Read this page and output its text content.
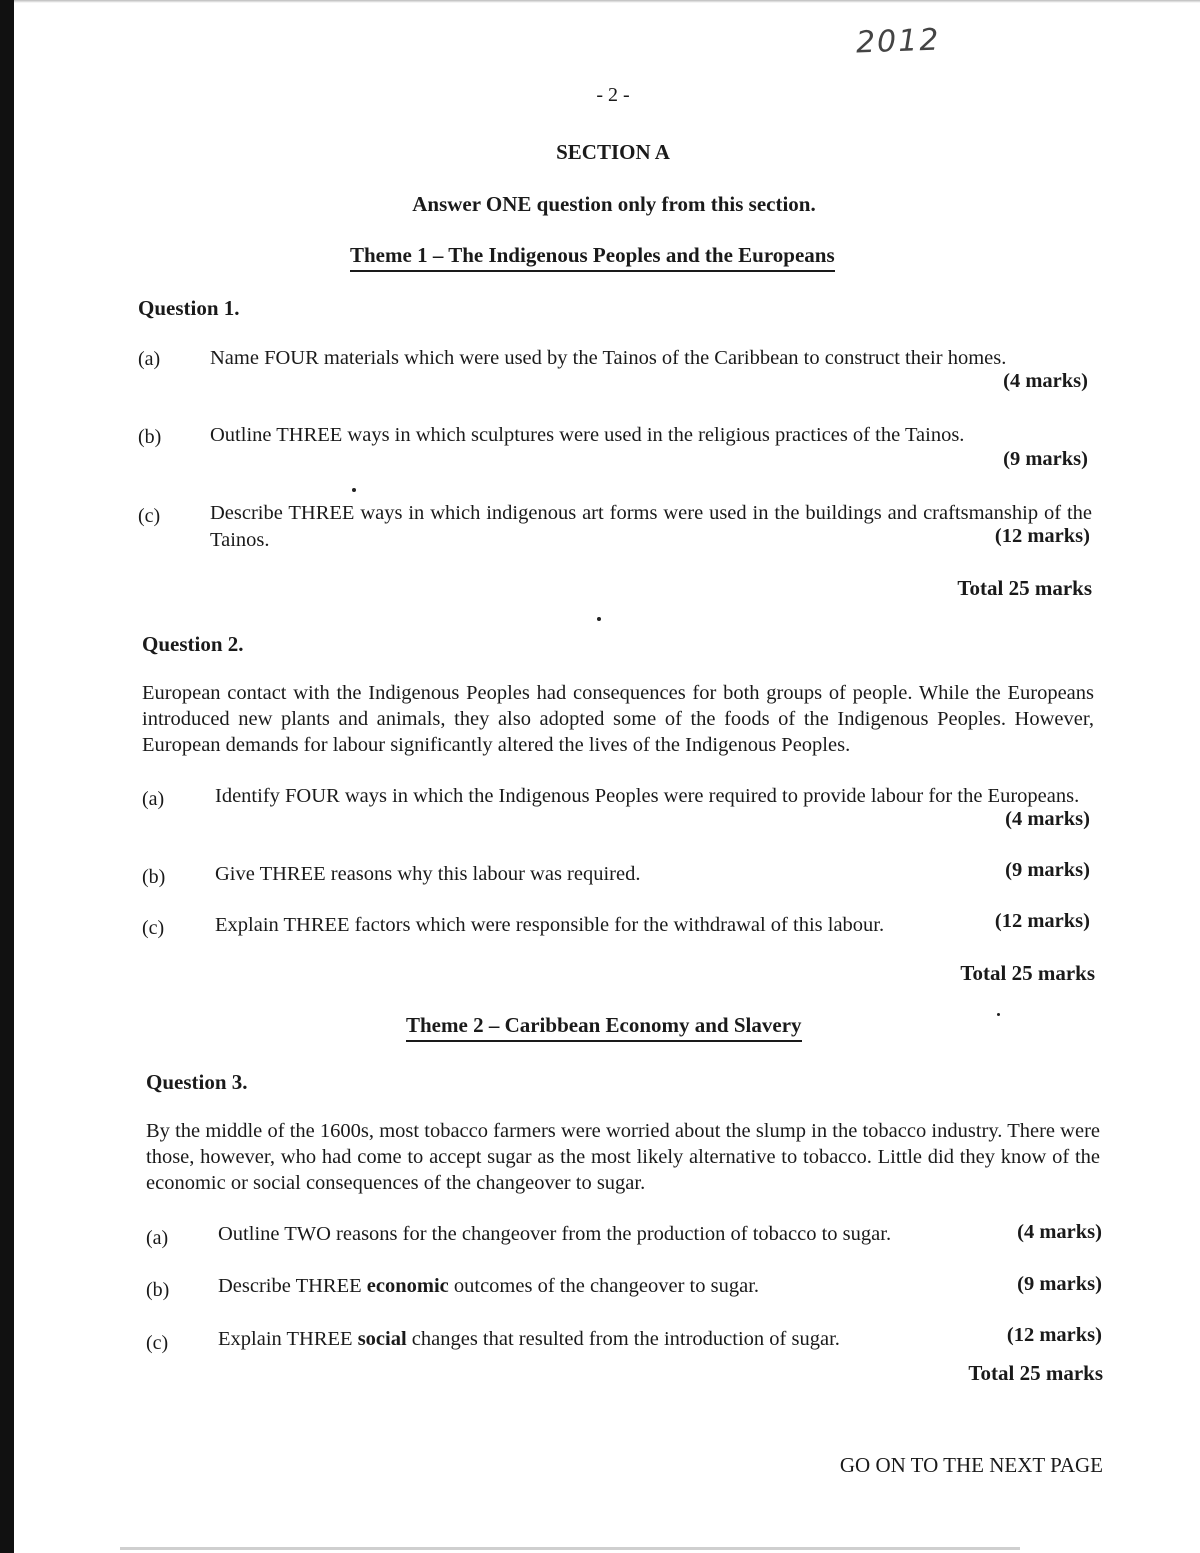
2012
- 2 -
SECTION A
Answer ONE question only from this section.
Theme 1 – The Indigenous Peoples and the Europeans
Question 1.
(a) Name FOUR materials which were used by the Tainos of the Caribbean to construct their homes.
(4 marks)
(b) Outline THREE ways in which sculptures were used in the religious practices of the Tainos.
(9 marks)
(c) Describe THREE ways in which indigenous art forms were used in the buildings and craftsmanship of the Tainos.	(12 marks)
Total 25 marks
Question 2.
European contact with the Indigenous Peoples had consequences for both groups of people. While the Europeans introduced new plants and animals, they also adopted some of the foods of the Indigenous Peoples. However, European demands for labour significantly altered the lives of the Indigenous Peoples.
(a) Identify FOUR ways in which the Indigenous Peoples were required to provide labour for the Europeans.
(4 marks)
(b) Give THREE reasons why this labour was required.	(9 marks)
(c) Explain THREE factors which were responsible for the withdrawal of this labour.	(12 marks)
Total 25 marks
Theme 2 – Caribbean Economy and Slavery
Question 3.
By the middle of the 1600s, most tobacco farmers were worried about the slump in the tobacco industry. There were those, however, who had come to accept sugar as the most likely alternative to tobacco. Little did they know of the economic or social consequences of the changeover to sugar.
(a) Outline TWO reasons for the changeover from the production of tobacco to sugar.	(4 marks)
(b) Describe THREE economic outcomes of the changeover to sugar.	(9 marks)
(c) Explain THREE social changes that resulted from the introduction of sugar.	(12 marks)
Total 25 marks
GO ON TO THE NEXT PAGE
